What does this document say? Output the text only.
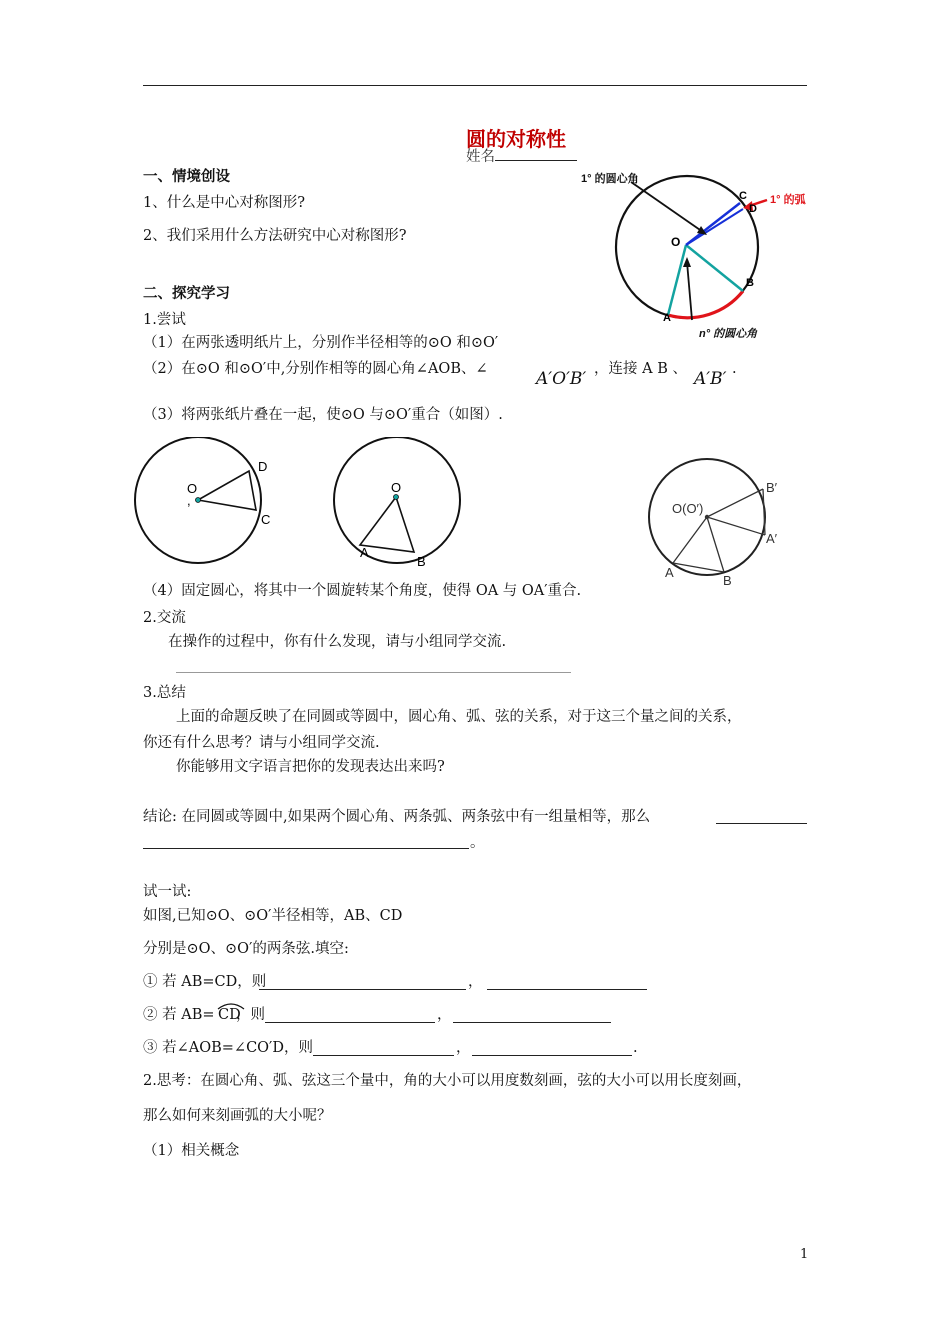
圆的对称性
姓名
一、情境创设
1、什么是中心对称图形?
2、我们采用什么方法研究中心对称图形?
二、探究学习
1.尝试
（1）在两张透明纸片上，分别作半径相等的⊙O 和⊙O′
（2）在⊙O 和⊙O′中,分别作相等的圆心角∠AOB、∠	A′O′B′ ，连接 A B 、 A′B′ .
（3）将两张纸片叠在一起，使⊙O 与⊙O′重合（如图）.
1° 的圆心角
1° 的弧
n° 的圆心角
O
A
B
C
D
O
,
D
C
O
A
B
O(O′)
A
B
A′
B′
（4）固定圆心，将其中一个圆旋转某个角度，使得 OA 与 OA′重合.
2.交流
在操作的过程中，你有什么发现，请与小组同学交流.
3.总结
上面的命题反映了在同圆或等圆中，圆心角、弧、弦的关系，对于这三个量之间的关系，
你还有什么思考？请与小组同学交流.
你能够用文字语言把你的发现表达出来吗?
结论: 在同圆或等圆中,如果两个圆心角、两条弧、两条弦中有一组量相等，那么
。
试一试:
如图,已知⊙O、⊙O′半径相等，AB、CD
分别是⊙O、⊙O′的两条弦.填空:
① 若 AB=CD，则	，
② 若 AB= CD
，则	，
③ 若∠AOB=∠CO′D，则	，	.
2.思考：在圆心角、弧、弦这三个量中，角的大小可以用度数刻画，弦的大小可以用长度刻画，
那么如何来刻画弧的大小呢？
（1）相关概念
1
